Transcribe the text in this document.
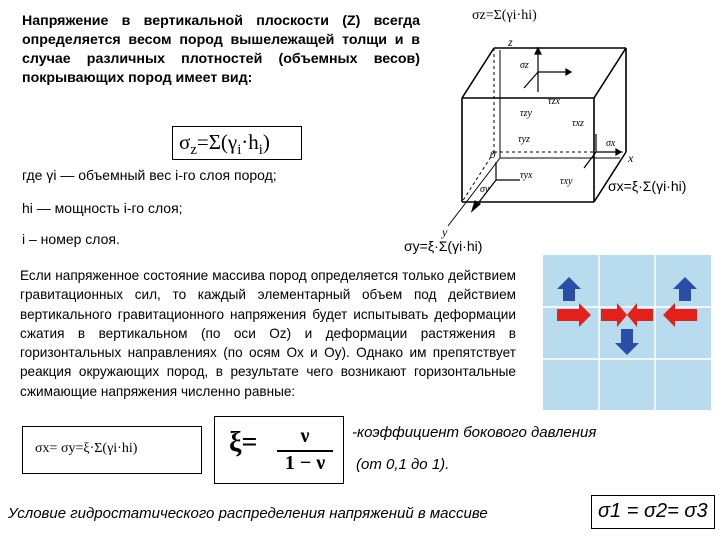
Напряжение в вертикальной плоскости (Z) всегда определяется весом пород вышележащей толщи и в случае различных плотностей (объемных весов) покрывающих пород имеет вид:
$\sigma_z=\Sigma(\gamma_i\cdot h_i)$
где γi — объемный вес i-го слоя пород;
hi — мощность i-го слоя;
i – номер слоя.
σz=Σ(γi·hi)
σx=ξ·Σ(γi·hi)
σy=ξ·Σ(γi·hi)
z
x
y
0
σz
τzx
τzy
τxz
τyz	σx
τxy
τyx
σy
Если напряженное состояние массива пород определяется только действием гравитационных сил, то каждый элементарный объем под действием вертикального гравитационного напряжения будет испытывать деформации сжатия в вертикальном (по оси Oz) и деформации растяжения в горизонтальных направлениях (по осям Ox и Oy). Однако им препятствует реакция окружающих пород, в результате чего возникают горизонтальные сжимающие напряжения численно равные:
σx= σy=ξ·Σ(γi·hi)	$\xi= \frac{\nu}{1 - \nu}$ -коэффициент бокового давления
(от 0,1 до 1).
Условие гидростатического распределения напряжений в массиве	σ1 = σ2= σ3
